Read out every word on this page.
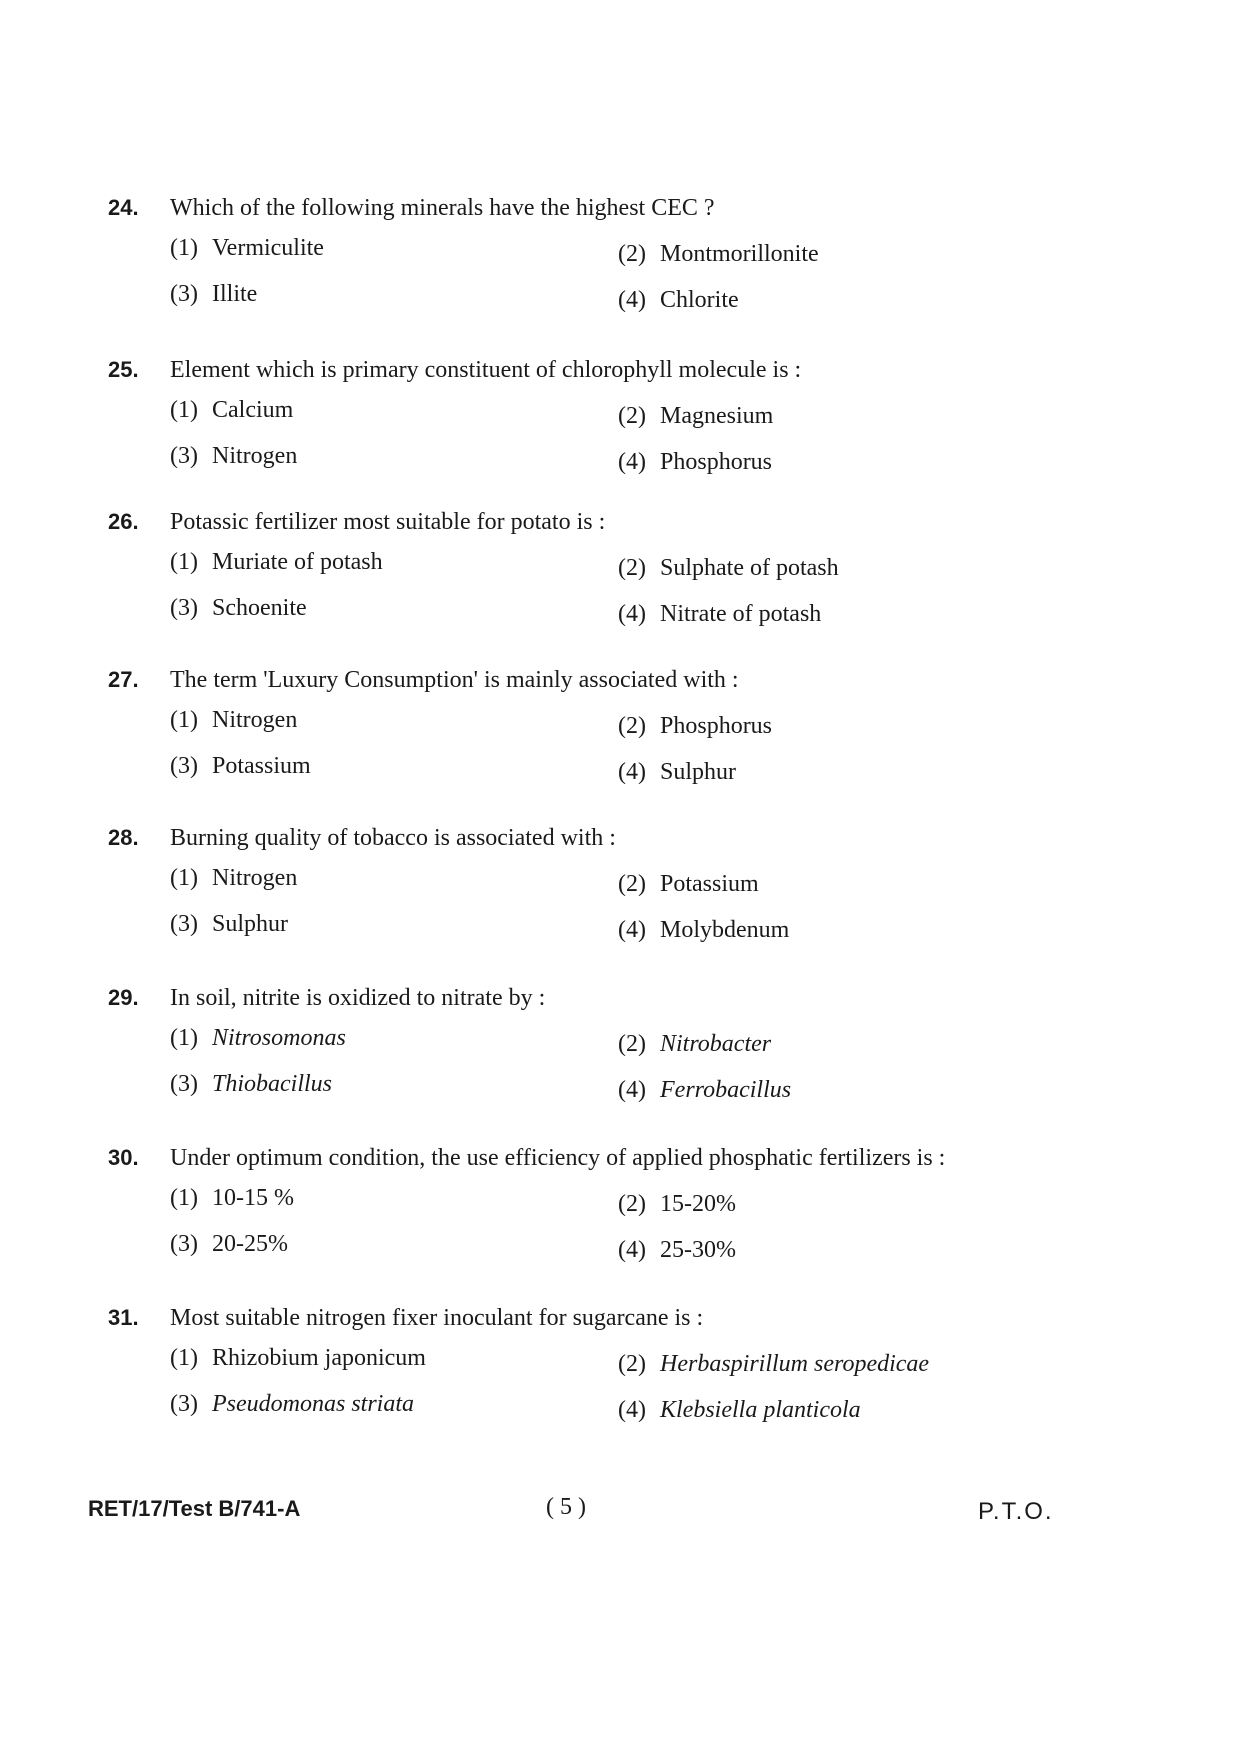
24. Which of the following minerals have the highest CEC ?
(1) Vermiculite	(2) Montmorillonite
(3) Illite	(4) Chlorite
25. Element which is primary constituent of chlorophyll molecule is :
(1) Calcium	(2) Magnesium
(3) Nitrogen	(4) Phosphorus
26. Potassic fertilizer most suitable for potato is :
(1) Muriate of potash	(2) Sulphate of potash
(3) Schoenite	(4) Nitrate of potash
27. The term 'Luxury Consumption' is mainly associated with :
(1) Nitrogen	(2) Phosphorus
(3) Potassium	(4) Sulphur
28. Burning quality of tobacco is associated with :
(1) Nitrogen	(2) Potassium
(3) Sulphur	(4) Molybdenum
29. In soil, nitrite is oxidized to nitrate by :
(1) Nitrosomonas	(2) Nitrobacter
(3) Thiobacillus	(4) Ferrobacillus
30. Under optimum condition, the use efficiency of applied phosphatic fertilizers is :
(1) 10-15 %	(2) 15-20%
(3) 20-25%	(4) 25-30%
31. Most suitable nitrogen fixer inoculant for sugarcane is :
(1) Rhizobium japonicum	(2) Herbaspirillum seropedicae
(3) Pseudomonas striata	(4) Klebsiella planticola
RET/17/Test B/741-A	( 5 )	P.T.O.
